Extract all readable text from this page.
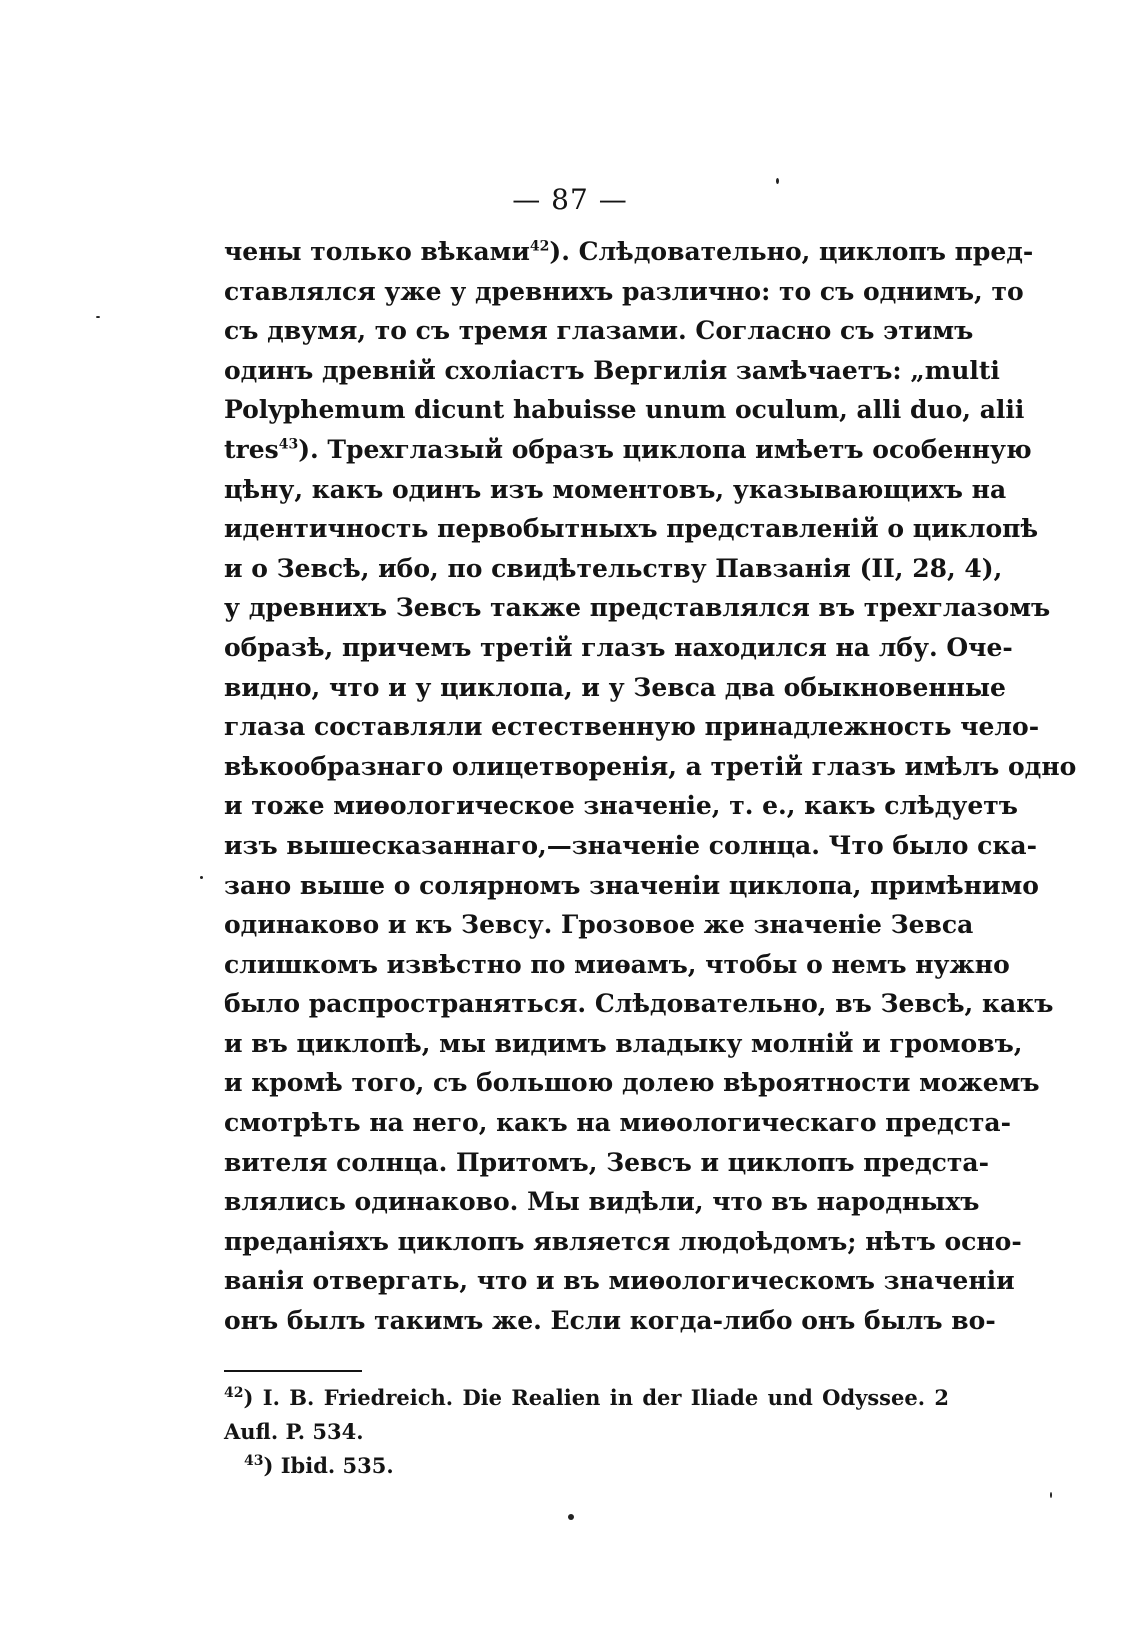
— 87 —
чены только вѣками$^{42}$). Слѣдовательно, циклопъ пред-
ставлялся уже у древнихъ различно: то съ однимъ, то
съ двумя, то съ тремя глазами. Согласно съ этимъ
одинъ древній схоліастъ Вергилія замѣчаетъ: „multi
Polyphemum dicunt habuisse unum oculum, alli duo, alii
tres$^{43}$). Трехглазый образъ циклопа имѣетъ особенную
цѣну, какъ одинъ изъ моментовъ, указывающихъ на
идентичность первобытныхъ представленій о циклопѣ
и о Зевсѣ, ибо, по свидѣтельству Павзанія (II, 28, 4),
у древнихъ Зевсъ также представлялся въ трехглазомъ
образѣ, причемъ третій глазъ находился на лбу. Оче-
видно, что и у циклопа, и у Зевса два обыкновенные
глаза составляли естественную принадлежность чело-
вѣкообразнаго олицетворенія, а третій глазъ имѣлъ одно
и тоже миѳологическое значеніе, т. е., какъ слѣдуетъ
изъ вышесказаннаго,—значеніе солнца. Что было ска-
зано выше о солярномъ значеніи циклопа, примѣнимо
одинаково и къ Зевсу. Грозовое же значеніе Зевса
слишкомъ извѣстно по миѳамъ, чтобы о немъ нужно
было распространяться. Слѣдовательно, въ Зевсѣ, какъ
и въ циклопѣ, мы видимъ владыку молній и громовъ,
и кромѣ того, съ большою долею вѣроятности можемъ
смотрѣть на него, какъ на миѳологическаго предста-
вителя солнца. Притомъ, Зевсъ и циклопъ предста-
влялись одинаково. Мы видѣли, что въ народныхъ
преданіяхъ циклопъ является людоѣдомъ; нѣтъ осно-
ванія отвергать, что и въ миѳологическомъ значеніи
онъ былъ такимъ же. Если когда-либо онъ былъ во-
$^{42}$) I. B. Friedreich. Die Realien in der Iliade und Odyssee. 2
Aufl. P. 534.
$^{43}$) Ibid. 535.
